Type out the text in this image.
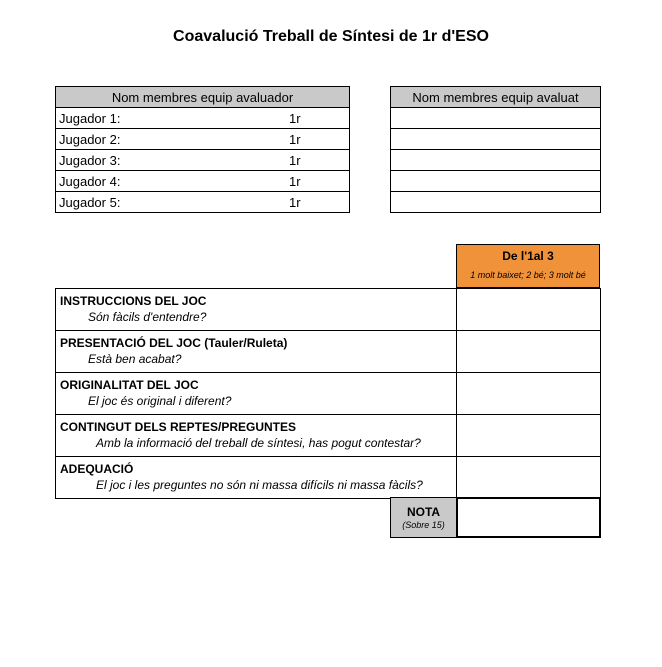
Coavalució Treball de Síntesi de 1r d'ESO
Nom membres equip avaluador	
Jugador 1:	1r
Jugador 2:	1r
Jugador 3:	1r
Jugador 4:	1r
Jugador 5:	1r
Nom membres equip avaluat

De l'1al 3
1 molt baixet; 2 bé; 3 molt bé
INSTRUCCIONS DEL JOC
Són fàcils d'entendre?	

PRESENTACIÓ DEL JOC (Tauler/Ruleta)
Està ben acabat?	

ORIGINALITAT DEL JOC
El joc és original i diferent?	

CONTINGUT DELS REPTES/PREGUNTES
Amb la informació del treball de síntesi, has pogut contestar?	

ADEQUACIÓ
El joc i les preguntes no són ni massa difícils ni massa fàcils?	

NOTA
(Sobre 15)
